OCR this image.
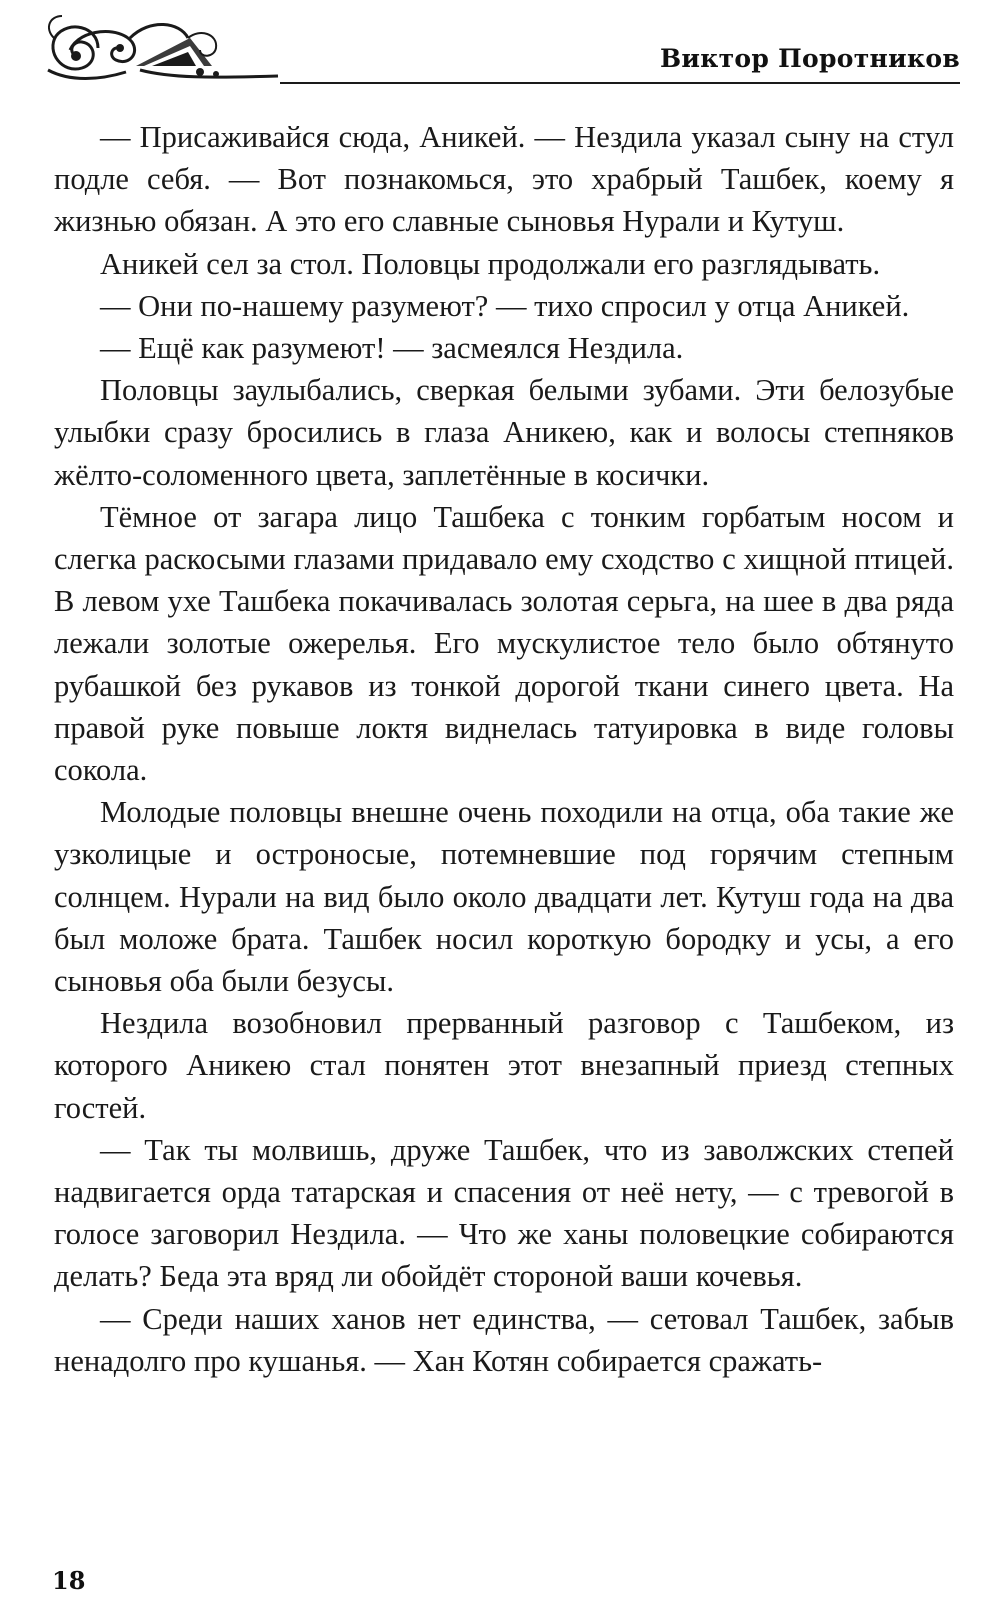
Виктор Поротников

— Присаживайся сюда, Аникей. — Нездила указал сыну на стул подле себя. — Вот познакомься, это храбрый Ташбек, коему я жизнью обязан. А это его славные сыновья Нурали и Кутуш.

Аникей сел за стол. Половцы продолжали его разглядывать.

— Они по-нашему разумеют? — тихо спросил у отца Аникей.

— Ещё как разумеют! — засмеялся Нездила.

Половцы заулыбались, сверкая белыми зубами. Эти белозубые улыбки сразу бросились в глаза Аникею, как и волосы степняков жёлто-соломенного цвета, заплетённые в косички.

Тёмное от загара лицо Ташбека с тонким горбатым носом и слегка раскосыми глазами придавало ему сходство с хищной птицей. В левом ухе Ташбека покачивалась золотая серьга, на шее в два ряда лежали золотые ожерелья. Его мускулистое тело было обтянуто рубашкой без рукавов из тонкой дорогой ткани синего цвета. На правой руке повыше локтя виднелась татуировка в виде головы сокола.

Молодые половцы внешне очень походили на отца, оба такие же узколицые и остроносые, потемневшие под горячим степным солнцем. Нурали на вид было около двадцати лет. Кутуш года на два был моложе брата. Ташбек носил короткую бородку и усы, а его сыновья оба были безусы.

Нездила возобновил прерванный разговор с Ташбеком, из которого Аникею стал понятен этот внезапный приезд степных гостей.

— Так ты молвишь, друже Ташбек, что из заволжских степей надвигается орда татарская и спасения от неё нету, — с тревогой в голосе заговорил Нездила. — Что же ханы половецкие собираются делать? Беда эта вряд ли обойдёт стороной ваши кочевья.

— Среди наших ханов нет единства, — сетовал Ташбек, забыв ненадолго про кушанья. — Хан Котян собирается сражать-

18
